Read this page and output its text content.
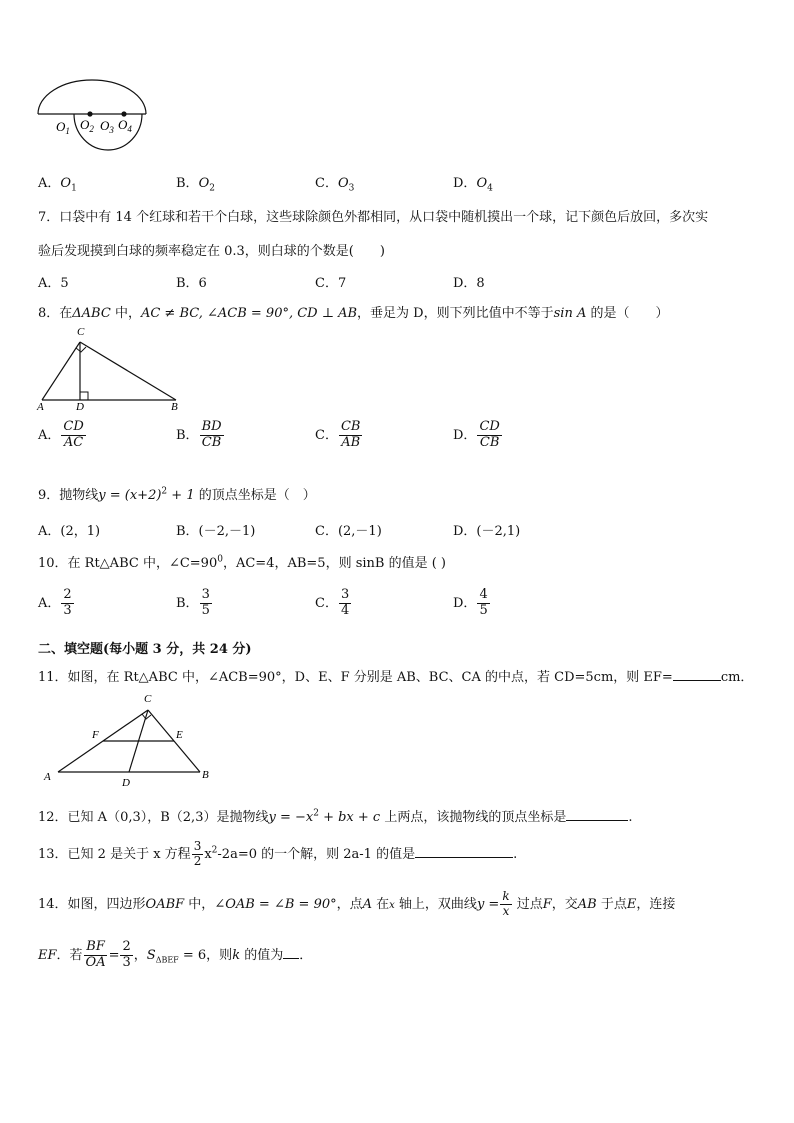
$O_1$ $O_2$ $O_3$ $O_4$
A．$O_1$	B．$O_2$	C．$O_3$	D．$O_4$
7．口袋中有 14 个红球和若干个白球，这些球除颜色外都相同，从口袋中随机摸出一个球，记下颜色后放回，多次实
验后发现摸到白球的频率稳定在 0.3，则白球的个数是(　　)
A．5	B．6	C．7	D．8
8．在ΔABC 中，AC ≠ BC, ∠ACB = 90°, CD ⊥ AB，垂足为 D，则下列比值中不等于sin A 的是（　　）
C
A	D	B
A． $\frac{CD}{AC}$	B． $\frac{BD}{CB}$	C． $\frac{CB}{AB}$	D． $\frac{CD}{CB}$
9．抛物线$y = (x+2)^2 + 1$ 的顶点坐标是（　）
A．(2，1)	B．(－2,－1)	C．(2,－1)	D．(－2,1)
10．在 Rt△ABC 中，$\angle C=90^0$，AC=4，AB=5，则 sinB 的值是 ( )
A． $\frac{2}{3}$	B． $\frac{3}{5}$	C． $\frac{3}{4}$	D． $\frac{4}{5}$
二、填空题(每小题 3 分，共 24 分)
11．如图，在 Rt△ABC 中，∠ACB=90°，D、E、F 分别是 AB、BC、CA 的中点，若 CD=5cm，则 EF=	cm．
C
F	E
A	D
B
12．已知 A（0,3），B（2,3）是抛物线$y = -x^2$ + bx + c 上两点，该抛物线的顶点坐标是	.
13．已知 2 是关于 x 方程 $\frac{3}{2} x^2-2a=0$ 的一个解，则 2a-1 的值是	.
14．如图，四边形OABF 中，∠OAB = ∠B = 90°，点A 在x 轴上，双曲线$y = \frac{k}{x}$ 过点F，交AB 于点E，连接
EF．若 $\frac{BF}{OA} = \frac{2}{3}$ ，$S_{\Delta BEF} = 6$，则k 的值为 ．
